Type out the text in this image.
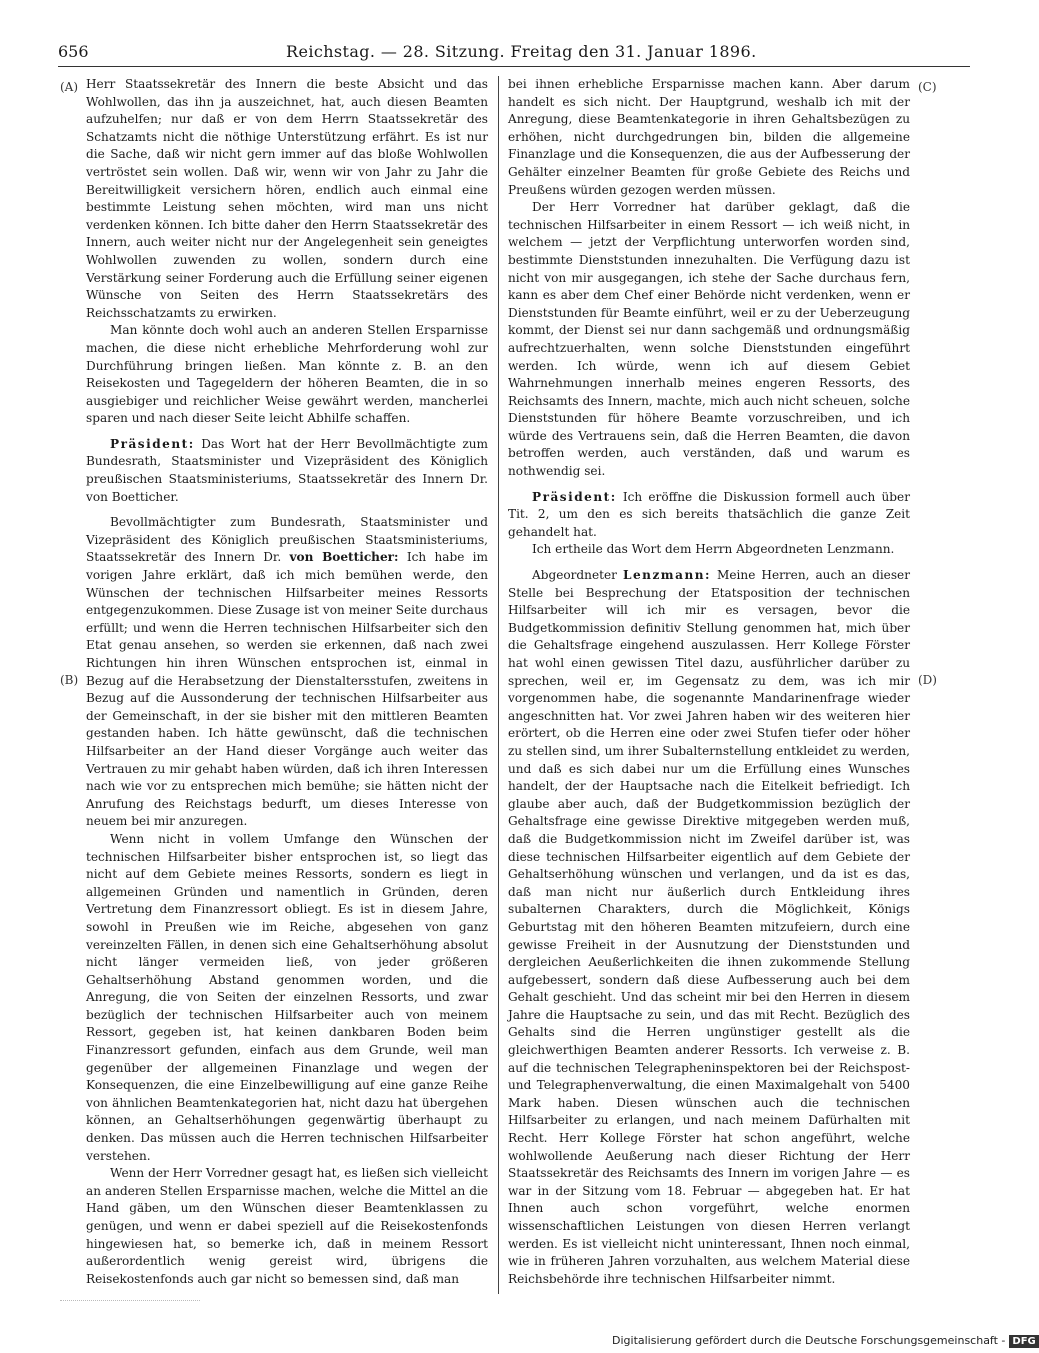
656	Reichstag. — 28. Sitzung. Freitag den 31. Januar 1896.
(A)
(B)
(C)
(D)

Herr Staatssekretär des Innern die beste Absicht und das Wohlwollen, das ihn ja auszeichnet, hat, auch diesen Beamten aufzuhelfen; nur daß er von dem Herrn Staatssekretär des Schatzamts nicht die nöthige Unterstützung erfährt. Es ist nur die Sache, daß wir nicht gern immer auf das bloße Wohlwollen vertröstet sein wollen. Daß wir, wenn wir von Jahr zu Jahr die Bereitwilligkeit versichern hören, endlich auch einmal eine bestimmte Leistung sehen möchten, wird man uns nicht verdenken können. Ich bitte daher den Herrn Staatssekretär des Innern, auch weiter nicht nur der Angelegenheit sein geneigtes Wohlwollen zuwenden zu wollen, sondern durch eine Verstärkung seiner Forderung auch die Erfüllung seiner eigenen Wünsche von Seiten des Herrn Staatssekretärs des Reichsschatzamts zu erwirken.

Man könnte doch wohl auch an anderen Stellen Ersparnisse machen, die diese nicht erhebliche Mehrforderung wohl zur Durchführung bringen ließen. Man könnte z. B. an den Reisekosten und Tagegeldern der höheren Beamten, die in so ausgiebiger und reichlicher Weise gewährt werden, mancherlei sparen und nach dieser Seite leicht Abhilfe schaffen.

Präsident: Das Wort hat der Herr Bevollmächtigte zum Bundesrath, Staatsminister und Vizepräsident des Königlich preußischen Staatsministeriums, Staatssekretär des Innern Dr. von Boetticher.

Bevollmächtigter zum Bundesrath, Staatsminister und Vizepräsident des Königlich preußischen Staatsministeriums, Staatssekretär des Innern Dr. von Boetticher: Ich habe im vorigen Jahre erklärt, daß ich mich bemühen werde, den Wünschen der technischen Hilfsarbeiter meines Ressorts entgegenzukommen. Diese Zusage ist von meiner Seite durchaus erfüllt; und wenn die Herren technischen Hilfsarbeiter sich den Etat genau ansehen, so werden sie erkennen, daß nach zwei Richtungen hin ihren Wünschen entsprochen ist, einmal in Bezug auf die Herabsetzung der Dienstaltersstufen, zweitens in Bezug auf die Aussonderung der technischen Hilfsarbeiter aus der Gemeinschaft, in der sie bisher mit den mittleren Beamten gestanden haben. Ich hätte gewünscht, daß die technischen Hilfsarbeiter an der Hand dieser Vorgänge auch weiter das Vertrauen zu mir gehabt haben würden, daß ich ihren Interessen nach wie vor zu entsprechen mich bemühe; sie hätten nicht der Anrufung des Reichstags bedurft, um dieses Interesse von neuem bei mir anzuregen.

Wenn nicht in vollem Umfange den Wünschen der technischen Hilfsarbeiter bisher entsprochen ist, so liegt das nicht auf dem Gebiete meines Ressorts, sondern es liegt in allgemeinen Gründen und namentlich in Gründen, deren Vertretung dem Finanzressort obliegt. Es ist in diesem Jahre, sowohl in Preußen wie im Reiche, abgesehen von ganz vereinzelten Fällen, in denen sich eine Gehaltserhöhung absolut nicht länger vermeiden ließ, von jeder größeren Gehaltserhöhung Abstand genommen worden, und die Anregung, die von Seiten der einzelnen Ressorts, und zwar bezüglich der technischen Hilfsarbeiter auch von meinem Ressort, gegeben ist, hat keinen dankbaren Boden beim Finanzressort gefunden, einfach aus dem Grunde, weil man gegenüber der allgemeinen Finanzlage und wegen der Konsequenzen, die eine Einzelbewilligung auf eine ganze Reihe von ähnlichen Beamtenkategorien hat, nicht dazu hat übergehen können, an Gehaltserhöhungen gegenwärtig überhaupt zu denken. Das müssen auch die Herren technischen Hilfsarbeiter verstehen.

Wenn der Herr Vorredner gesagt hat, es ließen sich vielleicht an anderen Stellen Ersparnisse machen, welche die Mittel an die Hand gäben, um den Wünschen dieser Beamtenklassen zu genügen, und wenn er dabei speziell auf die Reisekostenfonds hingewiesen hat, so bemerke ich, daß in meinem Ressort außerordentlich wenig gereist wird, übrigens die Reisekostenfonds auch gar nicht so bemessen sind, daß man

bei ihnen erhebliche Ersparnisse machen kann. Aber darum handelt es sich nicht. Der Hauptgrund, weshalb ich mit der Anregung, diese Beamtenkategorie in ihren Gehaltsbezügen zu erhöhen, nicht durchgedrungen bin, bilden die allgemeine Finanzlage und die Konsequenzen, die aus der Aufbesserung der Gehälter einzelner Beamten für große Gebiete des Reichs und Preußens würden gezogen werden müssen.

Der Herr Vorredner hat darüber geklagt, daß die technischen Hilfsarbeiter in einem Ressort — ich weiß nicht, in welchem — jetzt der Verpflichtung unterworfen worden sind, bestimmte Dienststunden innezuhalten. Die Verfügung dazu ist nicht von mir ausgegangen, ich stehe der Sache durchaus fern, kann es aber dem Chef einer Behörde nicht verdenken, wenn er Dienststunden für Beamte einführt, weil er zu der Ueberzeugung kommt, der Dienst sei nur dann sachgemäß und ordnungsmäßig aufrechtzuerhalten, wenn solche Dienststunden eingeführt werden. Ich würde, wenn ich auf diesem Gebiet Wahrnehmungen innerhalb meines engeren Ressorts, des Reichsamts des Innern, machte, mich auch nicht scheuen, solche Dienststunden für höhere Beamte vorzuschreiben, und ich würde des Vertrauens sein, daß die Herren Beamten, die davon betroffen werden, auch verständen, daß und warum es nothwendig sei.

Präsident: Ich eröffne die Diskussion formell auch über Tit. 2, um den es sich bereits thatsächlich die ganze Zeit gehandelt hat.

Ich ertheile das Wort dem Herrn Abgeordneten Lenzmann.

Abgeordneter Lenzmann: Meine Herren, auch an dieser Stelle bei Besprechung der Etatsposition der technischen Hilfsarbeiter will ich mir es versagen, bevor die Budgetkommission definitiv Stellung genommen hat, mich über die Gehaltsfrage eingehend auszulassen. Herr Kollege Förster hat wohl einen gewissen Titel dazu, ausführlicher darüber zu sprechen, weil er, im Gegensatz zu dem, was ich mir vorgenommen habe, die sogenannte Mandarinenfrage wieder angeschnitten hat. Vor zwei Jahren haben wir des weiteren hier erörtert, ob die Herren eine oder zwei Stufen tiefer oder höher zu stellen sind, um ihrer Subalternstellung entkleidet zu werden, und daß es sich dabei nur um die Erfüllung eines Wunsches handelt, der der Hauptsache nach die Eitelkeit befriedigt. Ich glaube aber auch, daß der Budgetkommission bezüglich der Gehaltsfrage eine gewisse Direktive mitgegeben werden muß, daß die Budgetkommission nicht im Zweifel darüber ist, was diese technischen Hilfsarbeiter eigentlich auf dem Gebiete der Gehaltserhöhung wünschen und verlangen, und da ist es das, daß man nicht nur äußerlich durch Entkleidung ihres subalternen Charakters, durch die Möglichkeit, Königs Geburtstag mit den höheren Beamten mitzufeiern, durch eine gewisse Freiheit in der Ausnutzung der Dienststunden und dergleichen Aeußerlichkeiten die ihnen zukommende Stellung aufgebessert, sondern daß diese Aufbesserung auch bei dem Gehalt geschieht. Und das scheint mir bei den Herren in diesem Jahre die Hauptsache zu sein, und das mit Recht. Bezüglich des Gehalts sind die Herren ungünstiger gestellt als die gleichwerthigen Beamten anderer Ressorts. Ich verweise z. B. auf die technischen Telegrapheninspektoren bei der Reichspost- und Telegraphenverwaltung, die einen Maximalgehalt von 5400 Mark haben. Diesen wünschen auch die technischen Hilfsarbeiter zu erlangen, und nach meinem Dafürhalten mit Recht. Herr Kollege Förster hat schon angeführt, welche wohlwollende Aeußerung nach dieser Richtung der Herr Staatssekretär des Reichsamts des Innern im vorigen Jahre — es war in der Sitzung vom 18. Februar — abgegeben hat. Er hat Ihnen auch schon vorgeführt, welche enormen wissenschaftlichen Leistungen von diesen Herren verlangt werden. Es ist vielleicht nicht uninteressant, Ihnen noch einmal, wie in früheren Jahren vorzuhalten, aus welchem Material diese Reichsbehörde ihre technischen Hilfsarbeiter nimmt.

Digitalisierung gefördert durch die Deutsche Forschungsgemeinschaft - DFG
